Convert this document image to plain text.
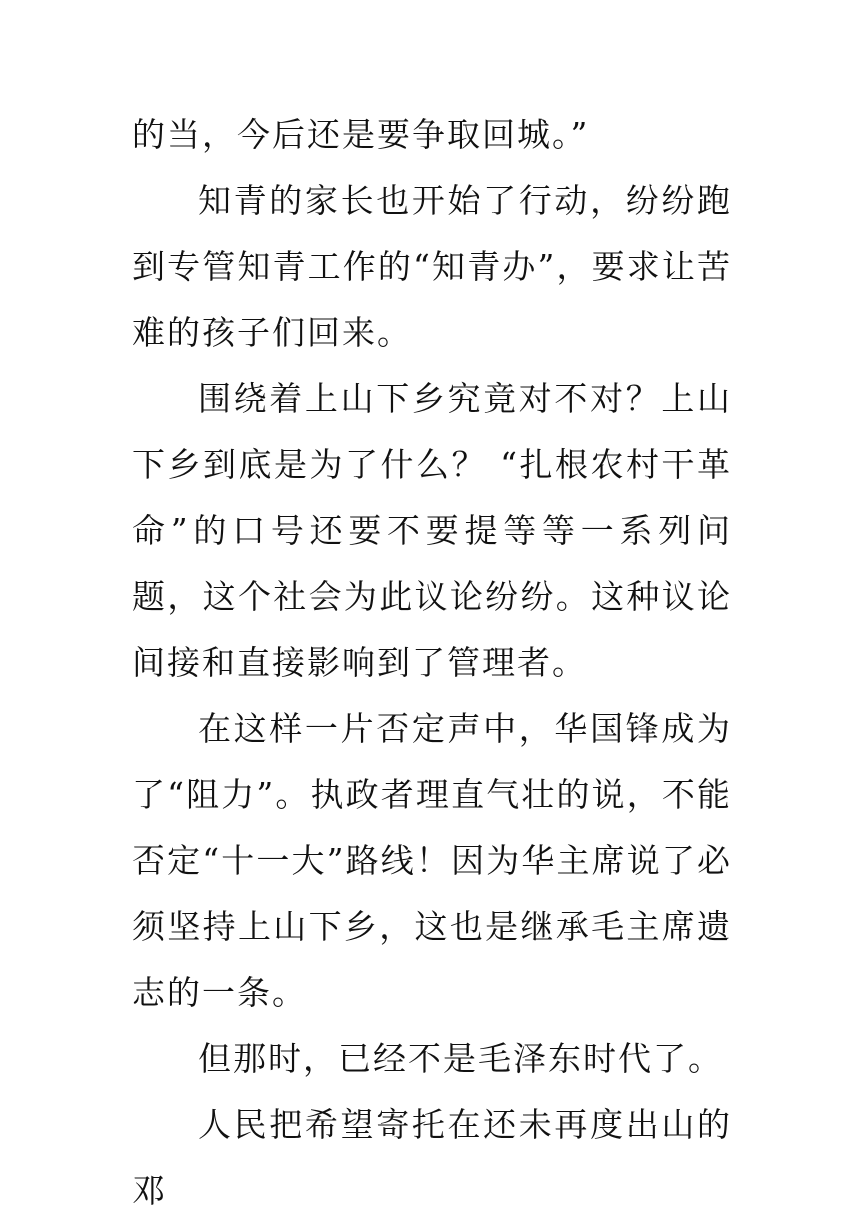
的当，今后还是要争取回城。”

知青的家长也开始了行动，纷纷跑到专管知青工作的“知青办”，要求让苦难的孩子们回来。

围绕着上山下乡究竟对不对？上山下乡到底是为了什么？ “扎根农村干革命”的口号还要不要提等等一系列问题，这个社会为此议论纷纷。这种议论间接和直接影响到了管理者。

在这样一片否定声中，华国锋成为了“阻力”。执政者理直气壮的说，不能否定“十一大”路线！因为华主席说了必须坚持上山下乡，这也是继承毛主席遗志的一条。

但那时，已经不是毛泽东时代了。

人民把希望寄托在还未再度出山的邓
